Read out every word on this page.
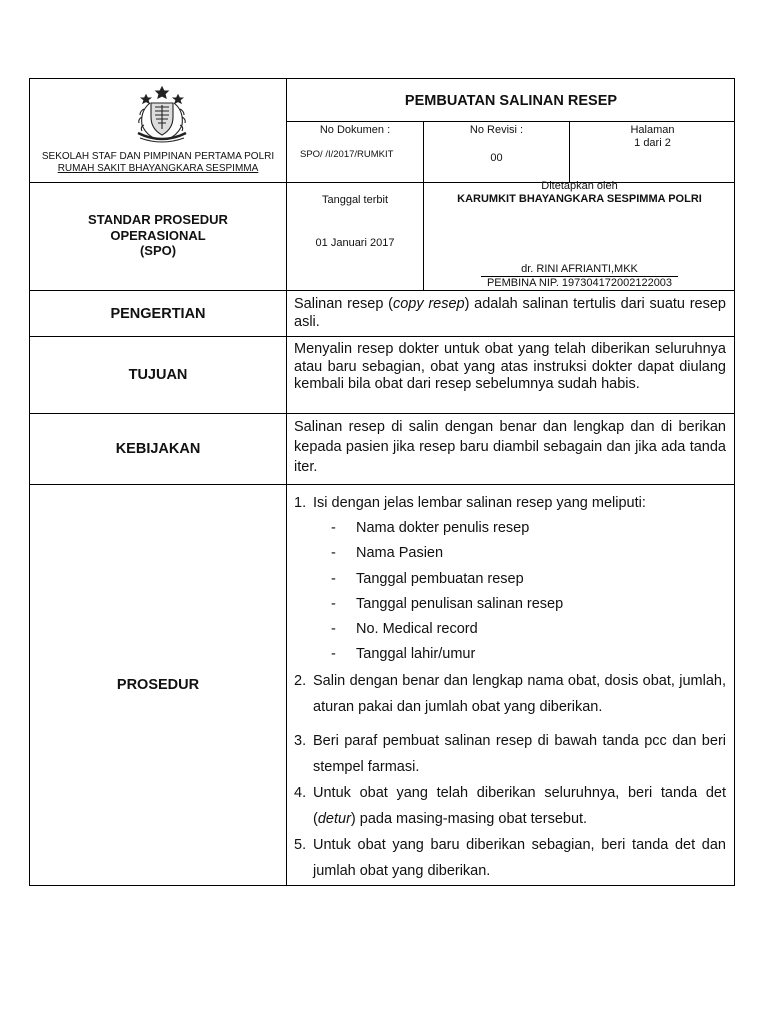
SEKOLAH STAF DAN PIMPINAN PERTAMA POLRI
RUMAH SAKIT BHAYANGKARA SESPIMMA
PEMBUATAN SALINAN RESEP
No Dokumen :
SPO/ /I/2017/RUMKIT
No Revisi :
00
Halaman
1 dari 2
STANDAR PROSEDUR
OPERASIONAL
(SPO)
Tanggal terbit
01 Januari 2017
Ditetapkan oleh
KARUMKIT BHAYANGKARA SESPIMMA POLRI
dr. RINI AFRIANTI,MKK
PEMBINA NIP. 197304172002122003
PENGERTIAN
Salinan resep (copy resep) adalah salinan tertulis dari suatu resep asli.
TUJUAN
Menyalin resep dokter untuk obat yang telah diberikan seluruhnya atau baru sebagian, obat yang atas instruksi dokter dapat diulang kembali bila obat dari resep sebelumnya sudah habis.
KEBIJAKAN
Salinan resep di salin dengan benar dan lengkap dan di berikan kepada pasien jika resep baru diambil sebagain dan jika ada tanda iter.
PROSEDUR
1. Isi dengan jelas lembar salinan resep yang meliputi:
- Nama dokter penulis resep
- Nama Pasien
- Tanggal pembuatan resep
- Tanggal penulisan salinan resep
- No. Medical record
- Tanggal lahir/umur
2. Salin dengan benar dan lengkap nama obat, dosis obat, jumlah, aturan pakai dan jumlah obat yang diberikan.
3. Beri paraf pembuat salinan resep di bawah tanda pcc dan beri stempel farmasi.
4. Untuk obat yang telah diberikan seluruhnya, beri tanda det (detur) pada masing-masing obat tersebut.
5. Untuk obat yang baru diberikan sebagian, beri tanda det dan jumlah obat yang diberikan.
